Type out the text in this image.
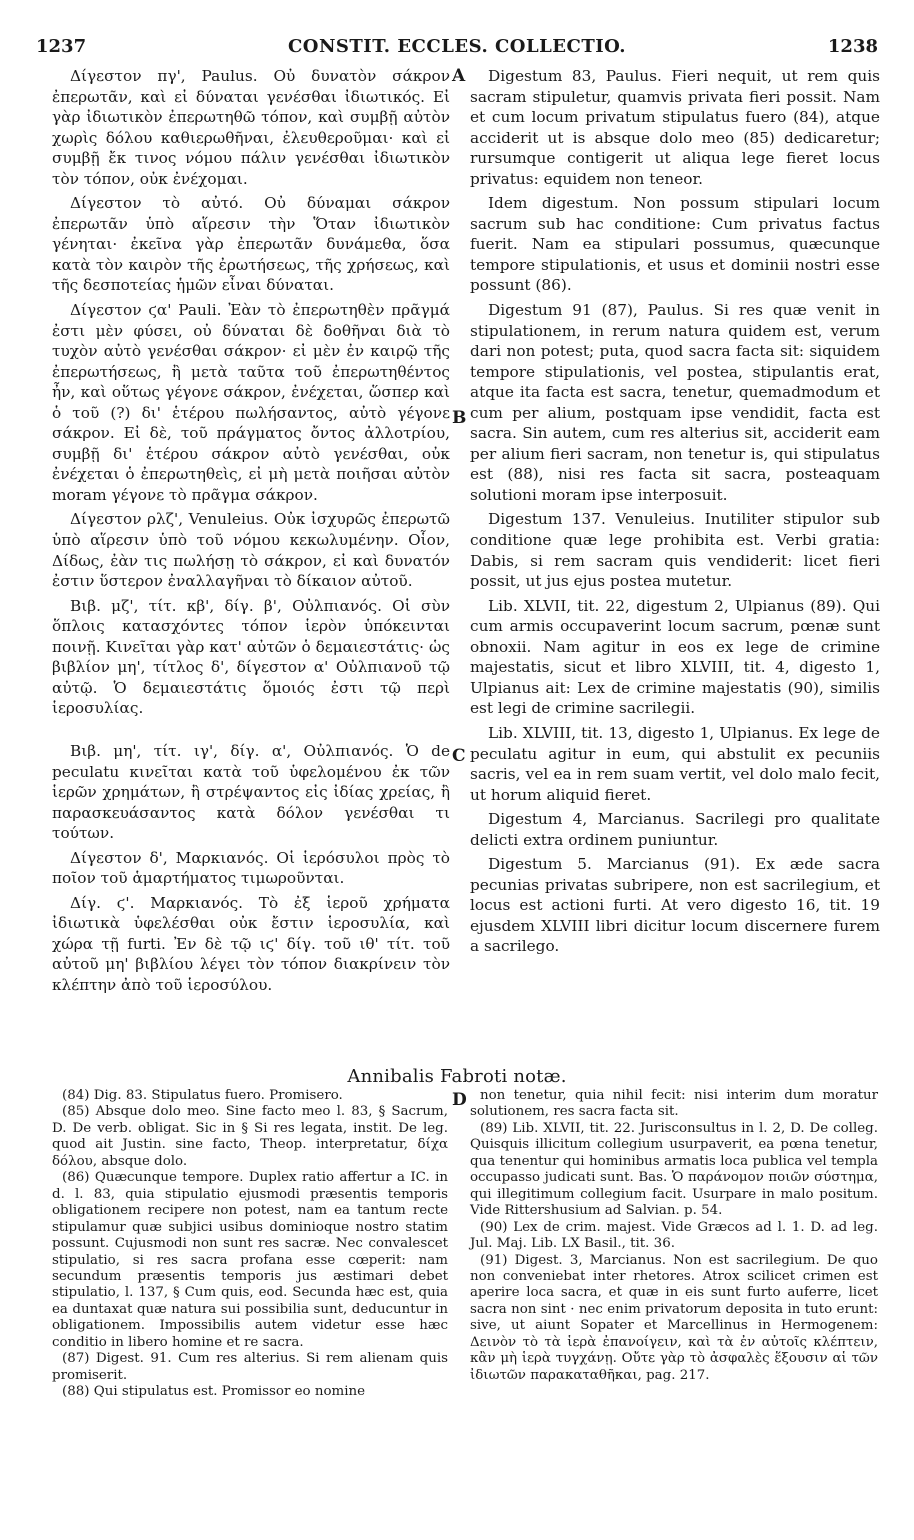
1237	CONSTIT. ECCLES. COLLECTIO.	1238

Δίγεστον πγ', Paulus. Οὐ δυνατὸν σάκρον ἐπερωτᾶν, καὶ εἰ δύναται γενέσθαι ἰδιωτικός. Εἰ γὰρ ἰδιωτικὸν ἐπερωτηθῶ τόπον, καὶ συμβῇ αὐτὸν χωρὶς δόλου καθιερωθῆναι, ἐλευθεροῦμαι· καὶ εἰ συμβῇ ἔκ τινος νόμου πάλιν γενέσθαι ἰδιωτικὸν τὸν τόπον, οὐκ ἐνέχομαι.

Δίγεστον τὸ αὐτό. Οὐ δύναμαι σάκρον ἐπερωτᾶν ὑπὸ αἵρεσιν τὴν Ὅταν ἰδιωτικὸν γένηται· ἐκεῖνα γὰρ ἐπερωτᾶν δυνάμεθα, ὅσα κατὰ τὸν καιρὸν τῆς ἐρωτήσεως, τῆς χρήσεως, καὶ τῆς δεσποτείας ἡμῶν εἶναι δύναται.

Δίγεστον ϛα' Pauli. Ἐὰν τὸ ἐπερωτηθὲν πρᾶγμά ἐστι μὲν φύσει, οὐ δύναται δὲ δοθῆναι διὰ τὸ τυχὸν αὐτὸ γενέσθαι σάκρον· εἰ μὲν ἐν καιρῷ τῆς ἐπερωτήσεως, ἢ μετὰ ταῦτα τοῦ ἐπερωτηθέντος ἦν, καὶ οὕτως γέγονε σάκρον, ἐνέχεται, ὥσπερ καὶ ὁ τοῦ (?) δι' ἑτέρου πωλήσαντος, αὐτὸ γέγονε σάκρον. Εἰ δὲ, τοῦ πράγματος ὄντος ἀλλοτρίου, συμβῇ δι' ἑτέρου σάκρον αὐτὸ γενέσθαι, οὐκ ἐνέχεται ὁ ἐπερωτηθεὶς, εἰ μὴ μετὰ ποιῆσαι αὐτὸν moram γέγονε τὸ πρᾶγμα σάκρον.

Δίγεστον ρλζ', Venuleius. Οὐκ ἰσχυρῶς ἐπερωτῶ ὑπὸ αἵρεσιν ὑπὸ τοῦ νόμου κεκωλυμένην. Οἷον, Δίδως, ἐὰν τις πωλήσῃ τὸ σάκρον, εἰ καὶ δυνατόν ἐστιν ὕστερον ἐναλλαγῆναι τὸ δίκαιον αὐτοῦ.

Βιβ. μζ', τίτ. κβ', δίγ. β', Οὐλπιανός. Οἱ σὺν ὅπλοις κατασχόντες τόπον ἱερὸν ὑπόκεινται ποινῇ. Κινεῖται γὰρ κατ' αὐτῶν ὁ δεμαιεστάτις· ὡς βιβλίον μη', τίτλος δ', δίγεστον α' Οὐλπιανοῦ τῷ αὐτῷ. Ὁ δεμαιεστάτις ὅμοιός ἐστι τῷ περὶ ἱεροσυλίας.

Βιβ. μη', τίτ. ιγ', δίγ. α', Οὐλπιανός. Ὁ de peculatu κινεῖται κατὰ τοῦ ὑφελομένου ἐκ τῶν ἱερῶν χρημάτων, ἢ στρέψαντος εἰς ἰδίας χρείας, ἢ παρασκευάσαντος κατὰ δόλον γενέσθαι τι τούτων.

Δίγεστον δ', Μαρκιανός. Οἱ ἱερόσυλοι πρὸς τὸ ποῖον τοῦ ἁμαρτήματος τιμωροῦνται.

Δίγ. ϛ'. Μαρκιανός. Τὸ ἐξ ἱεροῦ χρήματα ἰδιωτικὰ ὑφελέσθαι οὐκ ἔστιν ἱεροσυλία, καὶ χώρα τῇ furti. Ἐν δὲ τῷ ιϛ' δίγ. τοῦ ιθ' τίτ. τοῦ αὐτοῦ μη' βιβλίου λέγει τὸν τόπον διακρίνειν τὸν κλέπτην ἀπὸ τοῦ ἱεροσύλου.

A
B
C

Digestum 83, Paulus. Fieri nequit, ut rem quis sacram stipuletur, quamvis privata fieri possit. Nam et cum locum privatum stipulatus fuero (84), atque acciderit ut is absque dolo meo (85) dedicaretur; rursumque contigerit ut aliqua lege fieret locus privatus: equidem non teneor.

Idem digestum. Non possum stipulari locum sacrum sub hac conditione: Cum privatus factus fuerit. Nam ea stipulari possumus, quæcunque tempore stipulationis, et usus et dominii nostri esse possunt (86).

Digestum 91 (87), Paulus. Si res quæ venit in stipulationem, in rerum natura quidem est, verum dari non potest; puta, quod sacra facta sit: siquidem tempore stipulationis, vel postea, stipulantis erat, atque ita facta est sacra, tenetur, quemadmodum et cum per alium, postquam ipse vendidit, facta est sacra. Sin autem, cum res alterius sit, acciderit eam per alium fieri sacram, non tenetur is, qui stipulatus est (88), nisi res facta sit sacra, posteaquam solutioni moram ipse interposuit.

Digestum 137. Venuleius. Inutiliter stipulor sub conditione quæ lege prohibita est. Verbi gratia: Dabis, si rem sacram quis vendiderit: licet fieri possit, ut jus ejus postea mutetur.

Lib. XLVII, tit. 22, digestum 2, Ulpianus (89). Qui cum armis occupaverint locum sacrum, pœnæ sunt obnoxii. Nam agitur in eos ex lege de crimine majestatis, sicut et libro XLVIII, tit. 4, digesto 1, Ulpianus ait: Lex de crimine majestatis (90), similis est legi de crimine sacrilegii.

Lib. XLVIII, tit. 13, digesto 1, Ulpianus. Ex lege de peculatu agitur in eum, qui abstulit ex pecuniis sacris, vel ea in rem suam vertit, vel dolo malo fecit, ut horum aliquid fieret.

Digestum 4, Marcianus. Sacrilegi pro qualitate delicti extra ordinem puniuntur.

Digestum 5. Marcianus (91). Ex æde sacra pecunias privatas subripere, non est sacrilegium, et locus est actioni furti. At vero digesto 16, tit. 19 ejusdem XLVIII libri dicitur locum discernere furem a sacrilego.

Annibalis Fabroti notæ.
D

(84) Dig. 83. Stipulatus fuero. Promisero.

(85) Absque dolo meo. Sine facto meo l. 83, § Sacrum, D. De verb. obligat. Sic in § Si res legata, instit. De leg. quod ait Justin. sine facto, Theop. interpretatur, δίχα δόλου, absque dolo.

(86) Quæcunque tempore. Duplex ratio affertur a IC. in d. l. 83, quia stipulatio ejusmodi præsentis temporis obligationem recipere non potest, nam ea tantum recte stipulamur quæ subjici usibus dominioque nostro statim possunt. Cujusmodi non sunt res sacræ. Nec convalescet stipulatio, si res sacra profana esse cœperit: nam secundum præsentis temporis jus æstimari debet stipulatio, l. 137, § Cum quis, eod. Secunda hæc est, quia ea duntaxat quæ natura sui possibilia sunt, deducuntur in obligationem. Impossibilis autem videtur esse hæc conditio in libero homine et re sacra.

(87) Digest. 91. Cum res alterius. Si rem alienam quis promiserit.

(88) Qui stipulatus est. Promissor eo nomine

non tenetur, quia nihil fecit: nisi interim dum moratur solutionem, res sacra facta sit.

(89) Lib. XLVII, tit. 22. Jurisconsultus in l. 2, D. De colleg. Quisquis illicitum collegium usurpaverit, ea pœna tenetur, qua tenentur qui hominibus armatis loca publica vel templa occupasso judicati sunt. Bas. Ὁ παράνομον ποιῶν σύστημα, qui illegitimum collegium facit. Usurpare in malo positum. Vide Rittershusium ad Salvian. p. 54.

(90) Lex de crim. majest. Vide Græcos ad l. 1. D. ad leg. Jul. Maj. Lib. LX Basil., tit. 36.

(91) Digest. 3, Marcianus. Non est sacrilegium. De quo non conveniebat inter rhetores. Atrox scilicet crimen est aperire loca sacra, et quæ in eis sunt furto auferre, licet sacra non sint · nec enim privatorum deposita in tuto erunt: sive, ut aiunt Sopater et Marcellinus in Hermogenem: Δεινὸν τὸ τὰ ἱερὰ ἐπανοίγειν, καὶ τὰ ἐν αὐτοῖς κλέπτειν, κἂν μὴ ἱερὰ τυγχάνῃ. Οὔτε γὰρ τὸ ἀσφαλὲς ἕξουσιν αἱ τῶν ἰδιωτῶν παρακαταθῆκαι, pag. 217.
